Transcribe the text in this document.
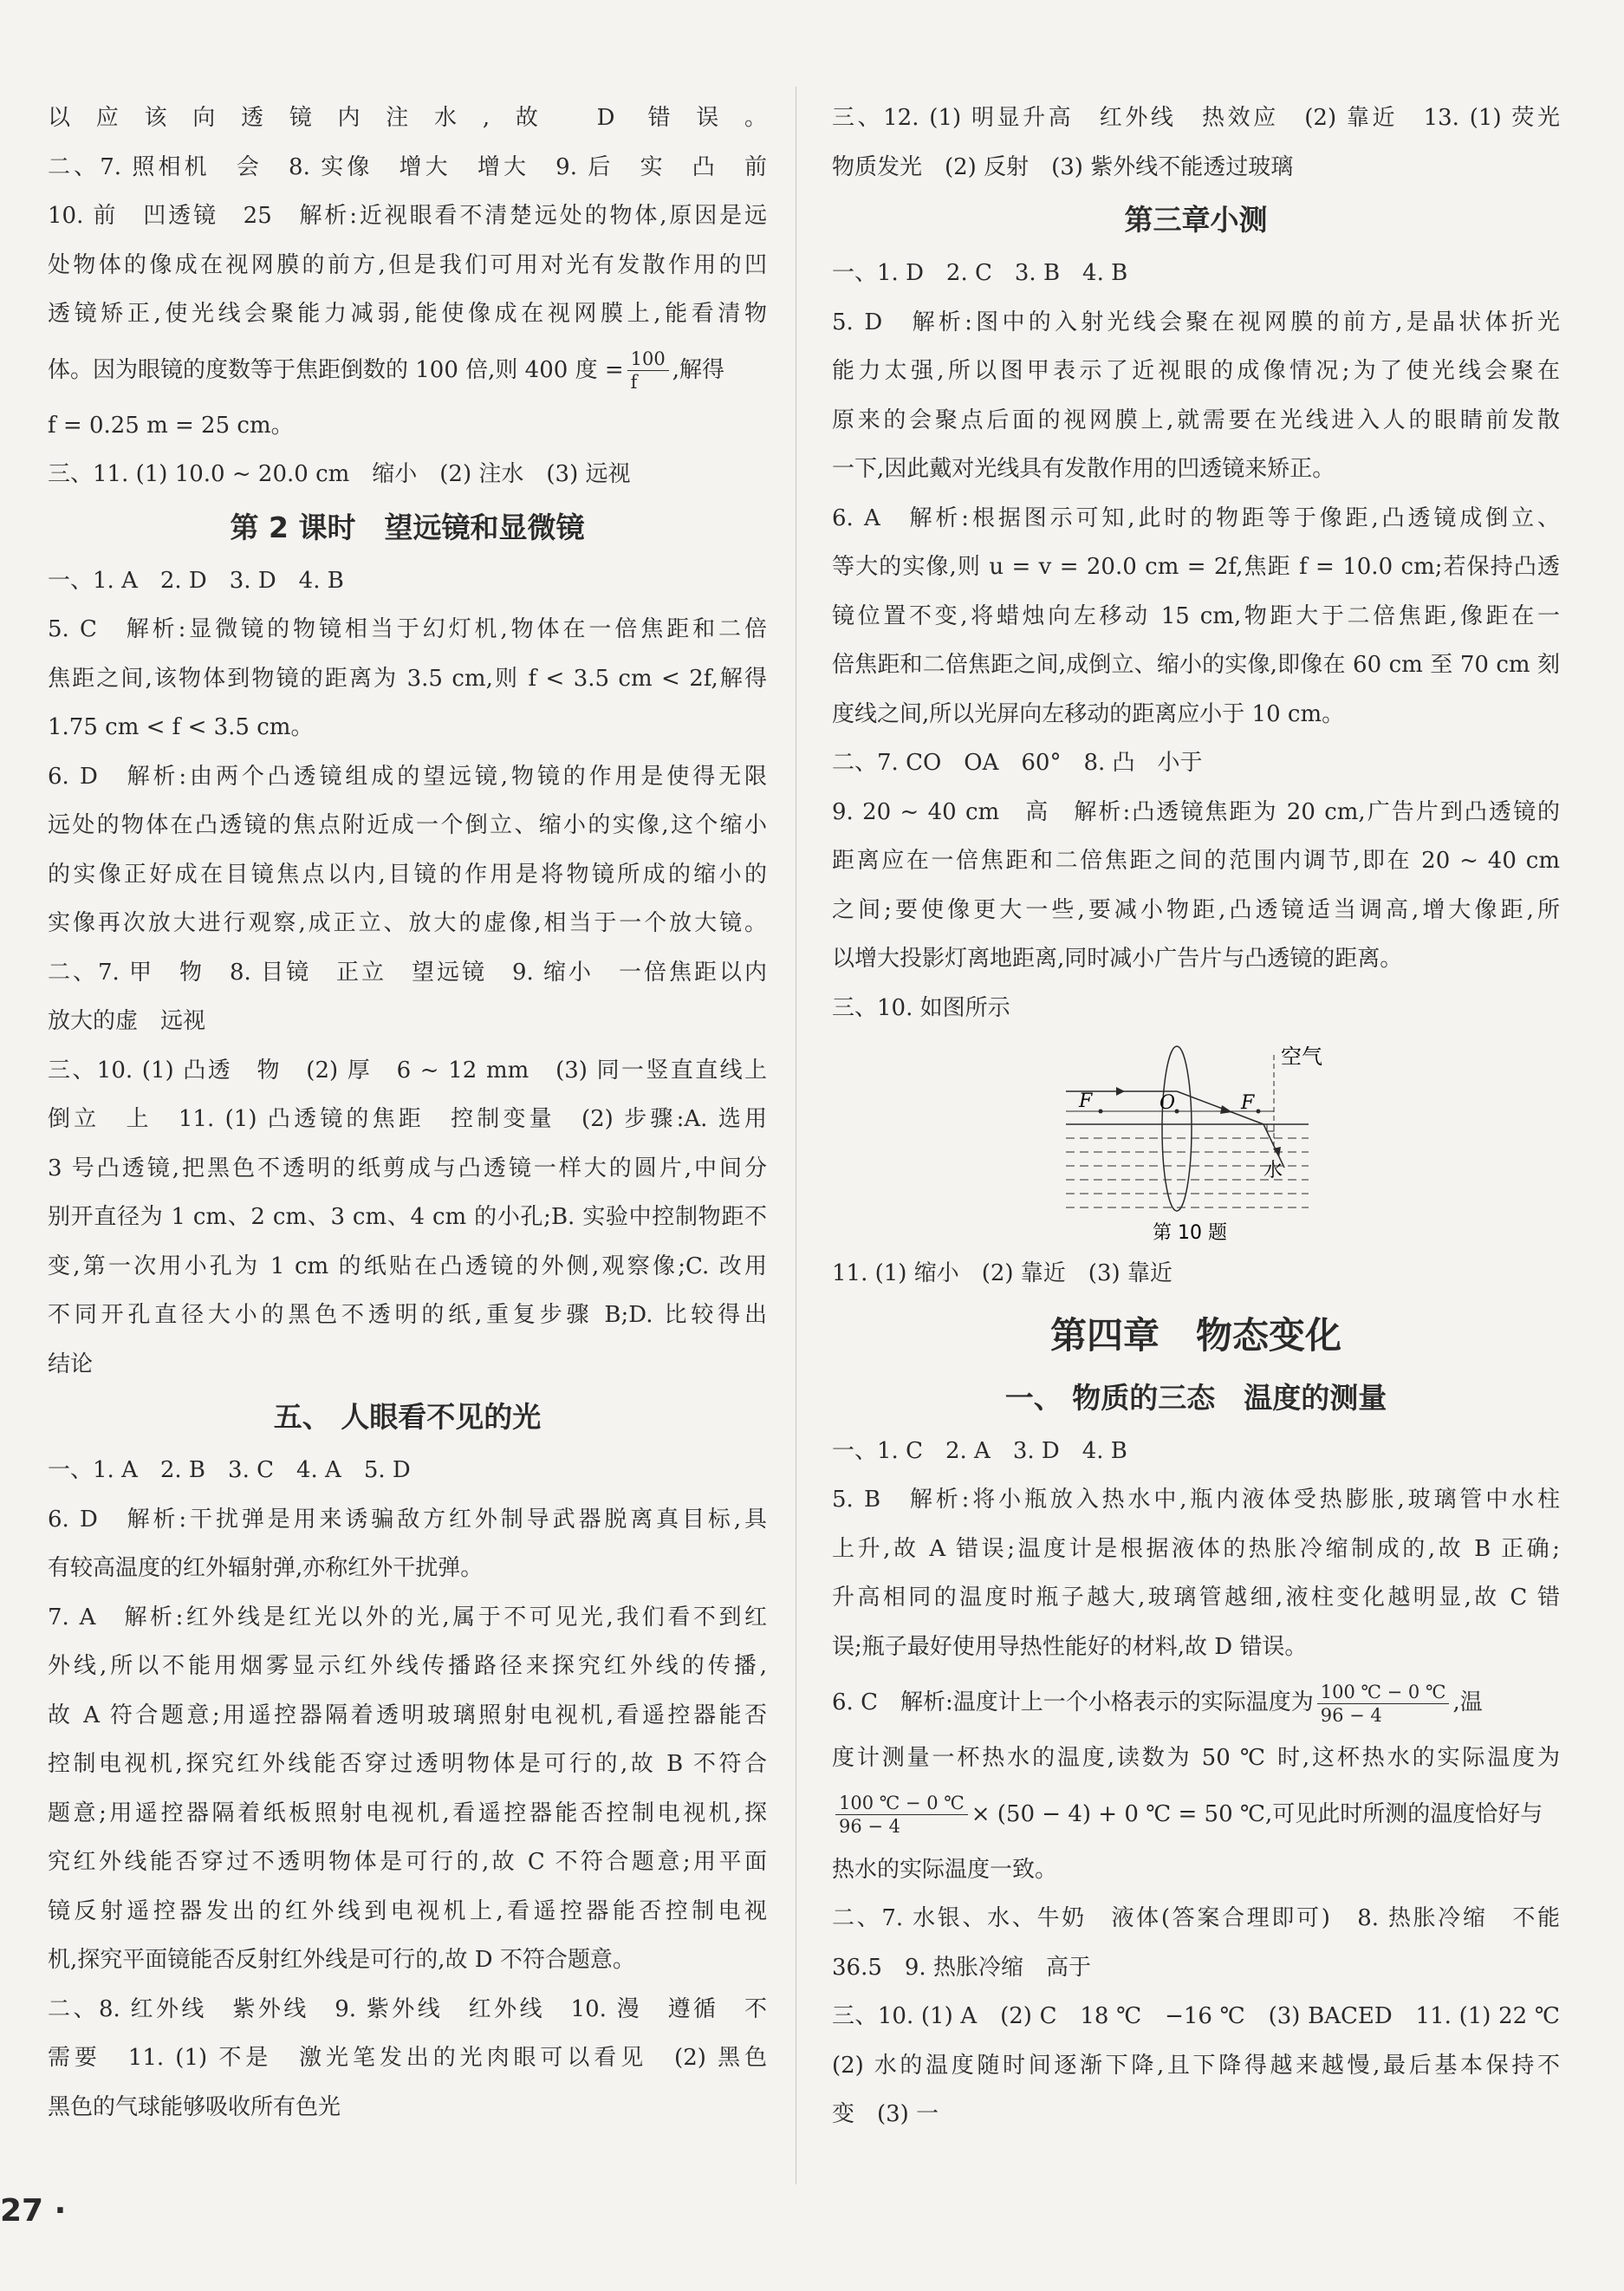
以应该向透镜内注水,故 D 错误。

二、7. 照相机　会　8. 实像　增大　增大　9. 后　实　凸　前

10. 前　凹透镜　25　解析:近视眼看不清楚远处的物体,原因是远

处物体的像成在视网膜的前方,但是我们可用对光有发散作用的凹

透镜矫正,使光线会聚能力减弱,能使像成在视网膜上,能看清物

体。因为眼镜的度数等于焦距倒数的 100 倍,则 400 度 = $\frac{100}{f}$ ,解得

f = 0.25 m = 25 cm。

三、11. (1) 10.0 ~ 20.0 cm　缩小　(2) 注水　(3) 远视

第 2 课时　望远镜和显微镜

一、1. A　2. D　3. D　4. B

5. C　解析:显微镜的物镜相当于幻灯机,物体在一倍焦距和二倍

焦距之间,该物体到物镜的距离为 3.5 cm,则 f < 3.5 cm < 2f,解得

1.75 cm < f < 3.5 cm。

6. D　解析:由两个凸透镜组成的望远镜,物镜的作用是使得无限

远处的物体在凸透镜的焦点附近成一个倒立、缩小的实像,这个缩小

的实像正好成在目镜焦点以内,目镜的作用是将物镜所成的缩小的

实像再次放大进行观察,成正立、放大的虚像,相当于一个放大镜。

二、7. 甲　物　8. 目镜　正立　望远镜　9. 缩小　一倍焦距以内

放大的虚　远视

三、10. (1) 凸透　物　(2) 厚　6 ~ 12 mm　(3) 同一竖直直线上

倒立　上　11. (1) 凸透镜的焦距　控制变量　(2) 步骤:A. 选用

3 号凸透镜,把黑色不透明的纸剪成与凸透镜一样大的圆片,中间分

别开直径为 1 cm、2 cm、3 cm、4 cm 的小孔;B. 实验中控制物距不

变,第一次用小孔为 1 cm 的纸贴在凸透镜的外侧,观察像;C. 改用

不同开孔直径大小的黑色不透明的纸,重复步骤 B;D. 比较得出

结论

五、 人眼看不见的光

一、1. A　2. B　3. C　4. A　5. D

6. D　解析:干扰弹是用来诱骗敌方红外制导武器脱离真目标,具

有较高温度的红外辐射弹,亦称红外干扰弹。

7. A　解析:红外线是红光以外的光,属于不可见光,我们看不到红

外线,所以不能用烟雾显示红外线传播路径来探究红外线的传播,

故 A 符合题意;用遥控器隔着透明玻璃照射电视机,看遥控器能否

控制电视机,探究红外线能否穿过透明物体是可行的,故 B 不符合

题意;用遥控器隔着纸板照射电视机,看遥控器能否控制电视机,探

究红外线能否穿过不透明物体是可行的,故 C 不符合题意;用平面

镜反射遥控器发出的红外线到电视机上,看遥控器能否控制电视

机,探究平面镜能否反射红外线是可行的,故 D 不符合题意。

二、8. 红外线　紫外线　9. 紫外线　红外线　10. 漫　遵循　不

需要　11. (1) 不是　激光笔发出的光肉眼可以看见　(2) 黑色

黑色的气球能够吸收所有色光

三、12. (1) 明显升高　红外线　热效应　(2) 靠近　13. (1) 荧光

物质发光　(2) 反射　(3) 紫外线不能透过玻璃

第三章小测

一、1. D　2. C　3. B　4. B

5. D　解析:图中的入射光线会聚在视网膜的前方,是晶状体折光

能力太强,所以图甲表示了近视眼的成像情况;为了使光线会聚在

原来的会聚点后面的视网膜上,就需要在光线进入人的眼睛前发散

一下,因此戴对光线具有发散作用的凹透镜来矫正。

6. A　解析:根据图示可知,此时的物距等于像距,凸透镜成倒立、

等大的实像,则 u = v = 20.0 cm = 2f,焦距 f = 10.0 cm;若保持凸透

镜位置不变,将蜡烛向左移动 15 cm,物距大于二倍焦距,像距在一

倍焦距和二倍焦距之间,成倒立、缩小的实像,即像在 60 cm 至 70 cm 刻

度线之间,所以光屏向左移动的距离应小于 10 cm。

二、7. CO　OA　60°　8. 凸　小于

9. 20 ~ 40 cm　高　解析:凸透镜焦距为 20 cm,广告片到凸透镜的

距离应在一倍焦距和二倍焦距之间的范围内调节,即在 20 ~ 40 cm

之间;要使像更大一些,要减小物距,凸透镜适当调高,增大像距,所

以增大投影灯离地距离,同时减小广告片与凸透镜的距离。

三、10. 如图所示

F	O	F
空气
水
第 10 题

11. (1) 缩小　(2) 靠近　(3) 靠近

第四章　物态变化
一、 物质的三态　温度的测量

一、1. C　2. A　3. D　4. B

5. B　解析:将小瓶放入热水中,瓶内液体受热膨胀,玻璃管中水柱

上升,故 A 错误;温度计是根据液体的热胀冷缩制成的,故 B 正确;

升高相同的温度时瓶子越大,玻璃管越细,液柱变化越明显,故 C 错

误;瓶子最好使用导热性能好的材料,故 D 错误。

6. C　解析:温度计上一个小格表示的实际温度为 $\frac{100 ℃ - 0 ℃}{96 - 4}$ ,温

度计测量一杯热水的温度,读数为 50 ℃ 时,这杯热水的实际温度为

$\frac{100 ℃ - 0 ℃}{96 - 4} \times (50 - 4) + 0$ ℃ = 50 ℃,可见此时所测的温度恰好与

热水的实际温度一致。

二、7. 水银、水、牛奶　液体(答案合理即可)　8. 热胀冷缩　不能

36.5　9. 热胀冷缩　高于

三、10. (1) A　(2) C　18 ℃　−16 ℃　(3) BACED　11. (1) 22 ℃

(2) 水的温度随时间逐渐下降,且下降得越来越慢,最后基本保持不

变　(3) 一

27 ·
